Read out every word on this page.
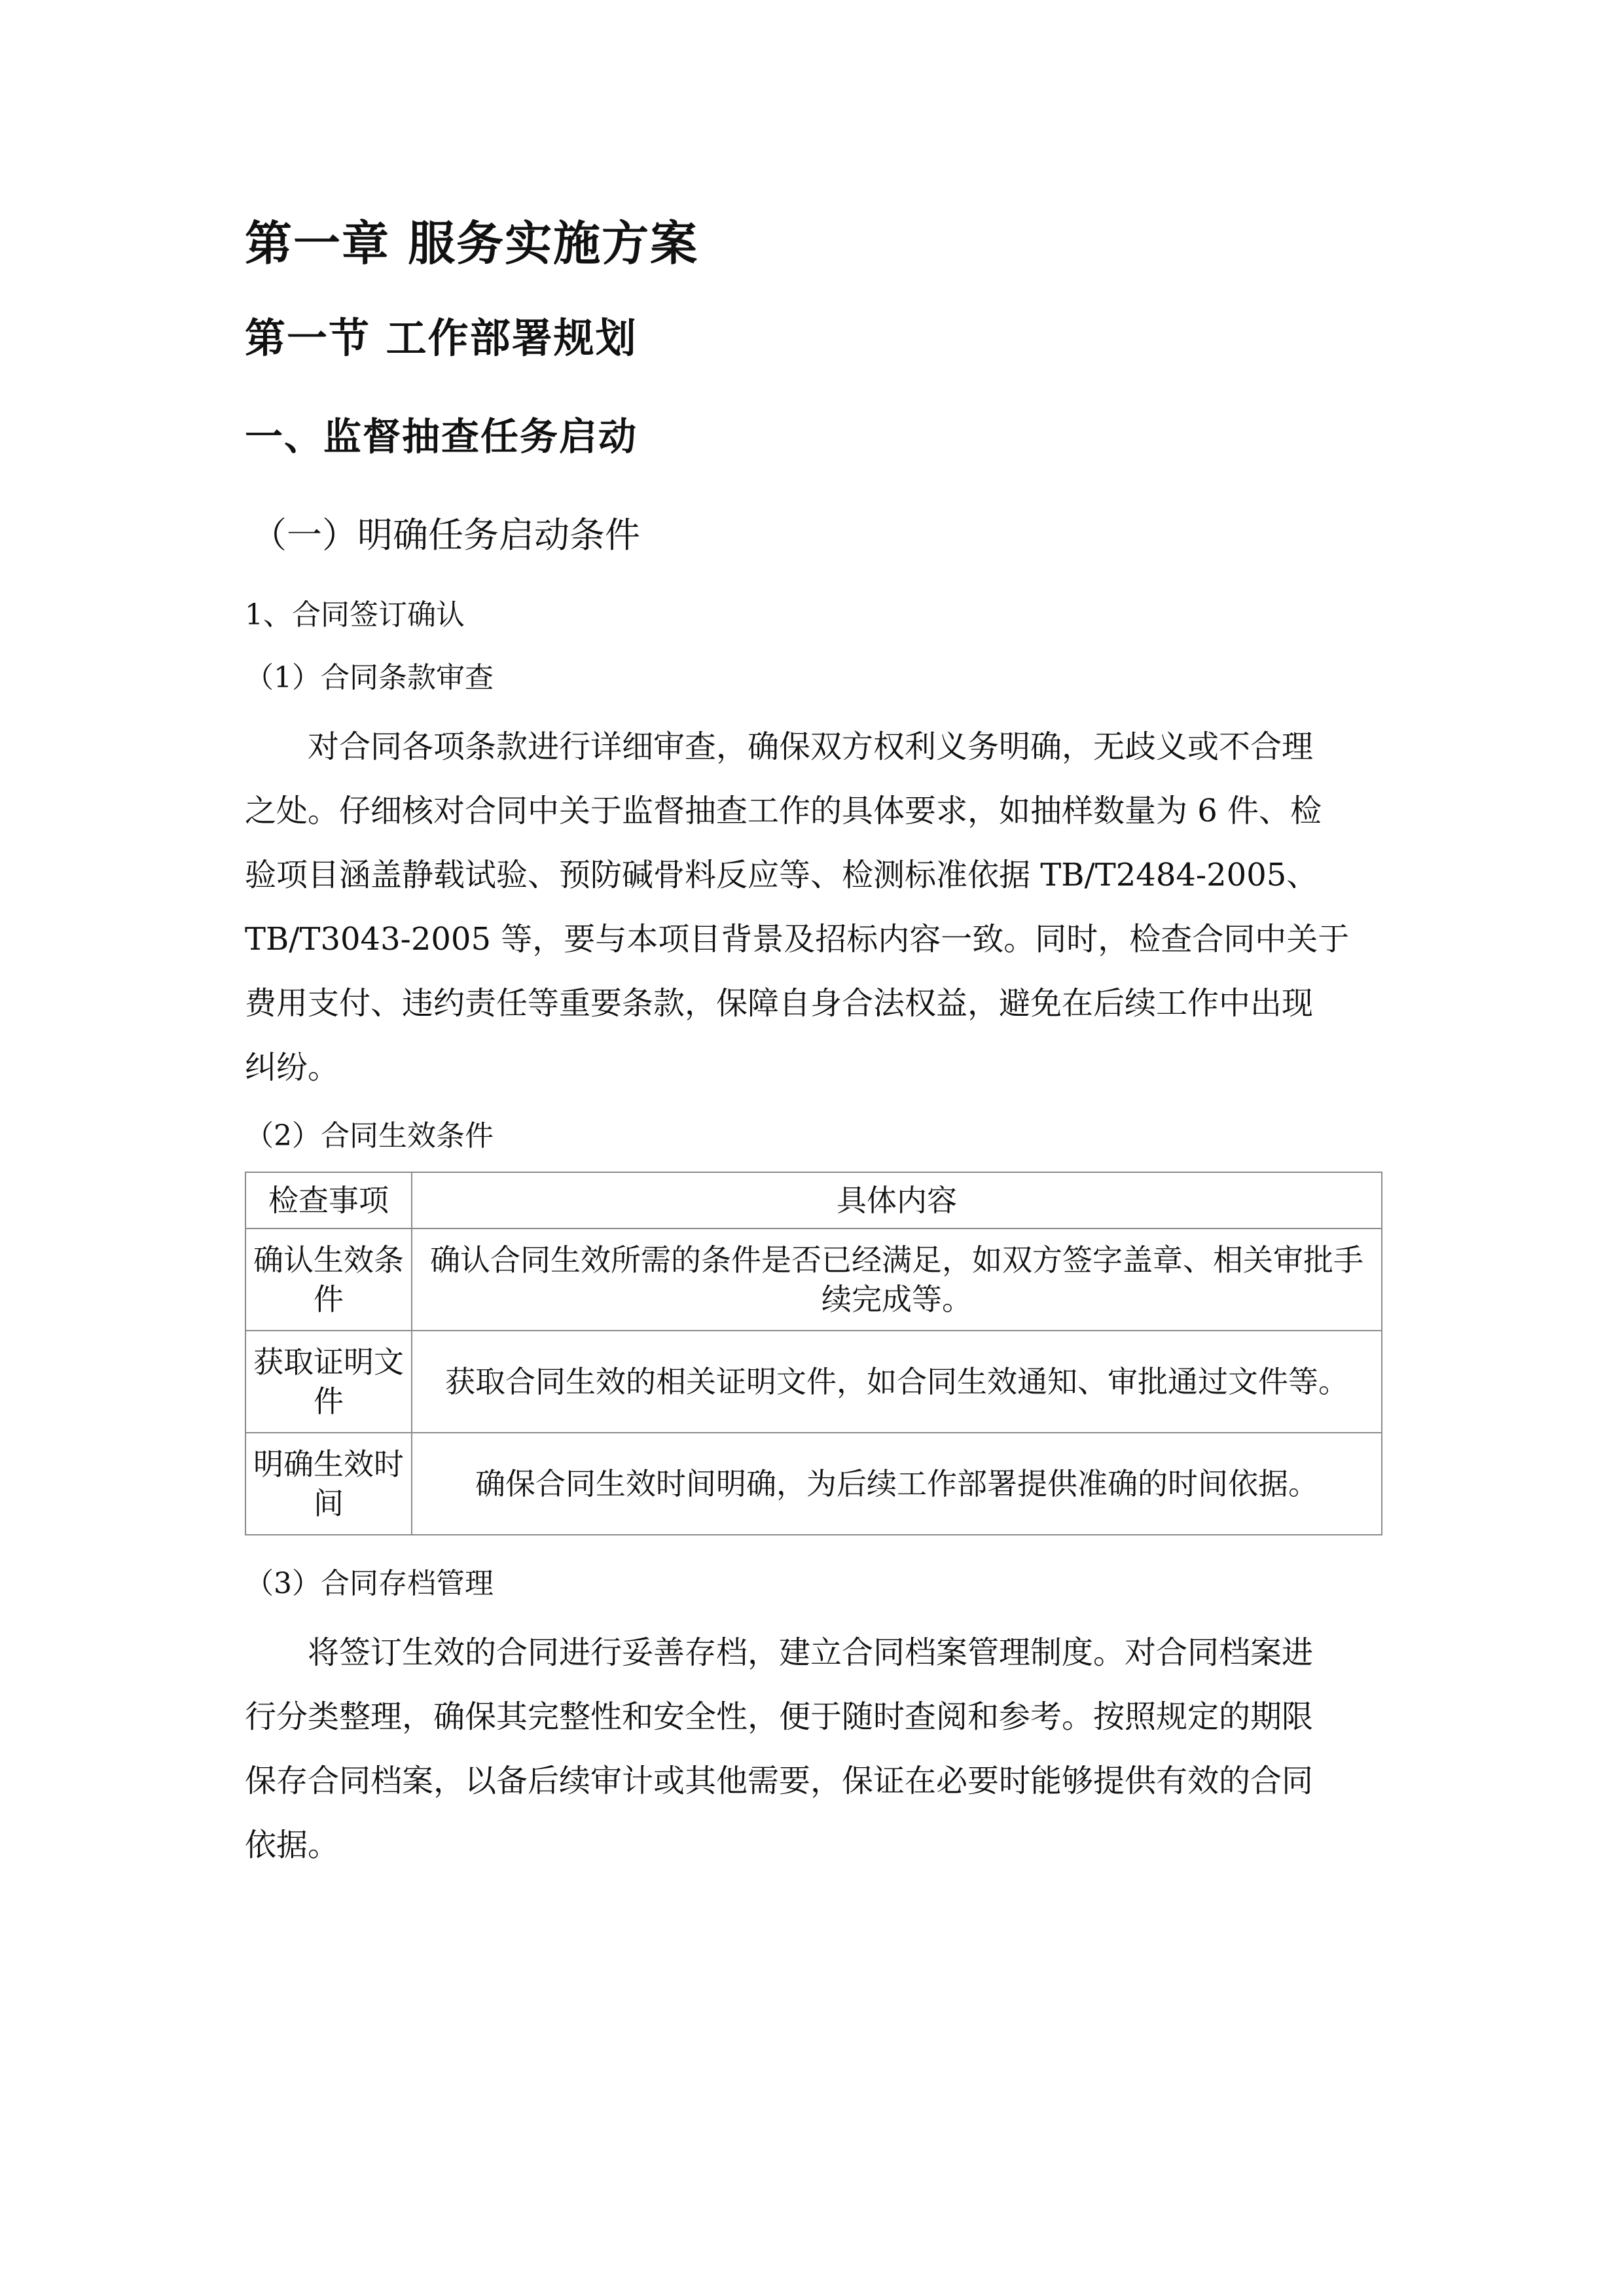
第一章 服务实施方案
第一节 工作部署规划
一、监督抽查任务启动
（一）明确任务启动条件
1、合同签订确认
（1）合同条款审查
对合同各项条款进行详细审查，确保双方权利义务明确，无歧义或不合理
之处。仔细核对合同中关于监督抽查工作的具体要求，如抽样数量为 6 件、检
验项目涵盖静载试验、预防碱骨料反应等、检测标准依据 TB/T2484-2005、
TB/T3043-2005 等，要与本项目背景及招标内容一致。同时，检查合同中关于
费用支付、违约责任等重要条款，保障自身合法权益，避免在后续工作中出现
纠纷。
（2）合同生效条件
检查事项	具体内容
确认生效条件	确认合同生效所需的条件是否已经满足，如双方签字盖章、相关审批手续完成等。
获取证明文件	获取合同生效的相关证明文件，如合同生效通知、审批通过文件等。
明确生效时间	确保合同生效时间明确，为后续工作部署提供准确的时间依据。
（3）合同存档管理
将签订生效的合同进行妥善存档，建立合同档案管理制度。对合同档案进
行分类整理，确保其完整性和安全性，便于随时查阅和参考。按照规定的期限
保存合同档案，以备后续审计或其他需要，保证在必要时能够提供有效的合同
依据。
